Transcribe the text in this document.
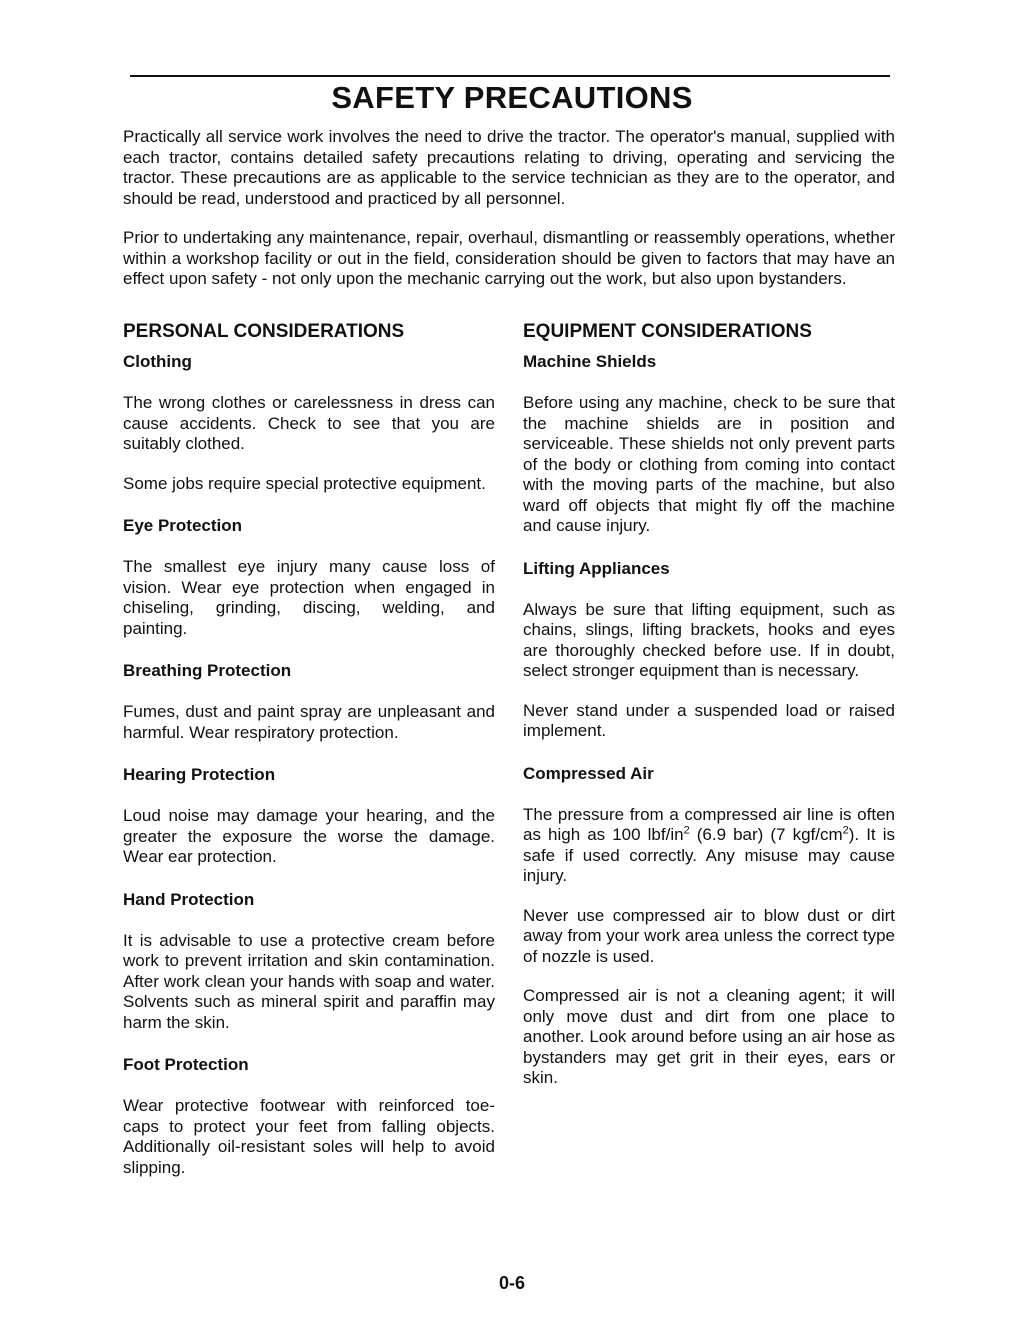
SAFETY PRECAUTIONS

Practically all service work involves the need to drive the tractor. The operator's manual, supplied with each tractor, contains detailed safety precautions relating to driving, operating and servicing the tractor. These precautions are as applicable to the service technician as they are to the operator, and should be read, understood and practiced by all personnel.

Prior to undertaking any maintenance, repair, overhaul, dismantling or reassembly operations, whether within a workshop facility or out in the field, consideration should be given to factors that may have an effect upon safety - not only upon the mechanic carrying out the work, but also upon bystanders.

PERSONAL CONSIDERATIONS
Clothing

The wrong clothes or carelessness in dress can cause accidents. Check to see that you are suitably clothed.

Some jobs require special protective equipment.

Eye Protection

The smallest eye injury many cause loss of vision. Wear eye protection when engaged in chiseling, grinding, discing, welding, and painting.

Breathing Protection

Fumes, dust and paint spray are unpleasant and harmful. Wear respiratory protection.

Hearing Protection

Loud noise may damage your hearing, and the greater the exposure the worse the damage. Wear ear protection.

Hand Protection

It is advisable to use a protective cream before work to prevent irritation and skin contamination. After work clean your hands with soap and water. Solvents such as mineral spirit and paraffin may harm the skin.

Foot Protection

Wear protective footwear with reinforced toe-caps to protect your feet from falling objects. Additionally oil-resistant soles will help to avoid slipping.

EQUIPMENT CONSIDERATIONS
Machine Shields

Before using any machine, check to be sure that the machine shields are in position and serviceable. These shields not only prevent parts of the body or clothing from coming into contact with the moving parts of the machine, but also ward off objects that might fly off the machine and cause injury.

Lifting Appliances

Always be sure that lifting equipment, such as chains, slings, lifting brackets, hooks and eyes are thoroughly checked before use. If in doubt, select stronger equipment than is necessary.

Never stand under a suspended load or raised implement.

Compressed Air

The pressure from a compressed air line is often as high as 100 lbf/$in^2$ (6.9 bar) (7 kgf/$cm^2$). It is safe if used correctly. Any misuse may cause injury.

Never use compressed air to blow dust or dirt away from your work area unless the correct type of nozzle is used.

Compressed air is not a cleaning agent; it will only move dust and dirt from one place to another. Look around before using an air hose as bystanders may get grit in their eyes, ears or skin.

0-6
